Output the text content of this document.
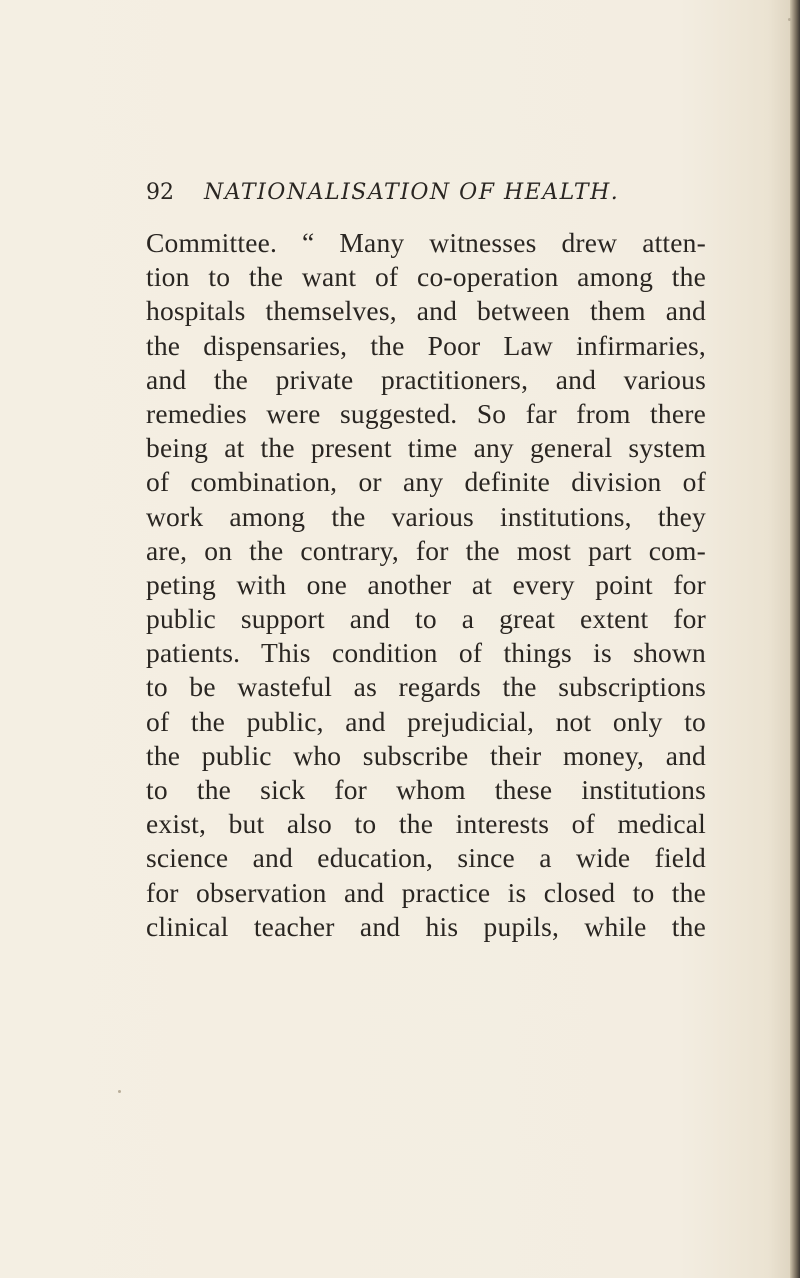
92 NATIONALISATION OF HEALTH.
Committee. “ Many witnesses drew atten-
tion to the want of co-operation among the
hospitals themselves, and between them and
the dispensaries, the Poor Law infirmaries,
and the private practitioners, and various
remedies were suggested. So far from there
being at the present time any general system
of combination, or any definite division of
work among the various institutions, they
are, on the contrary, for the most part com-
peting with one another at every point for
public support and to a great extent for
patients. This condition of things is shown
to be wasteful as regards the subscriptions
of the public, and prejudicial, not only to
the public who subscribe their money, and
to the sick for whom these institutions
exist, but also to the interests of medical
science and education, since a wide field
for observation and practice is closed to the
clinical teacher and his pupils, while the
